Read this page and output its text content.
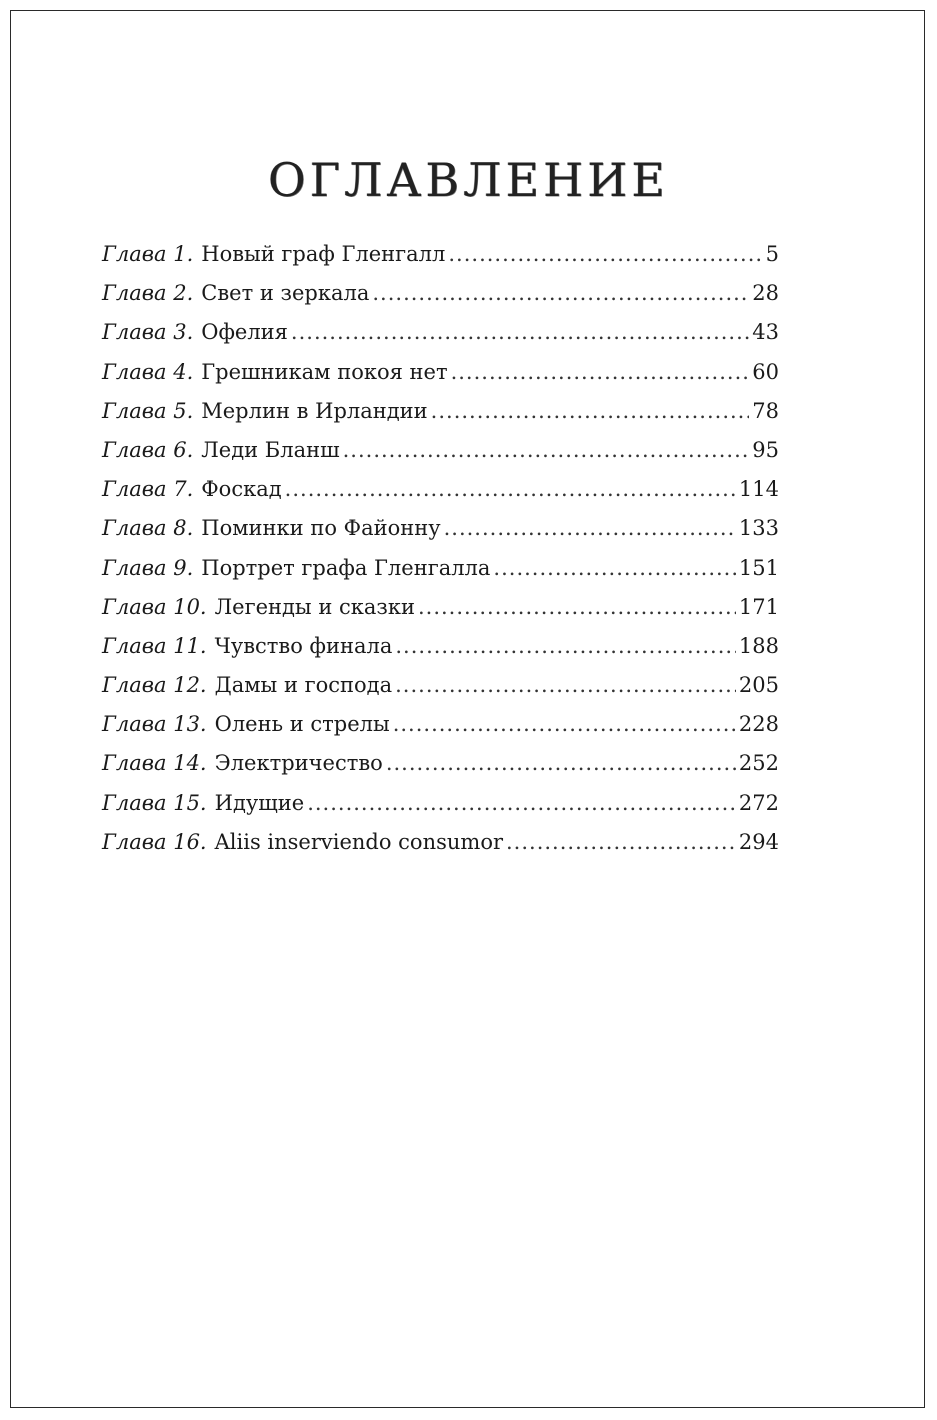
ОГЛАВЛЕНИЕ
Глава 1. Новый граф Гленгалл .....	5
Глава 2. Свет и зеркала .....	28
Глава 3. Офелия .....	43
Глава 4. Грешникам покоя нет .....	60
Глава 5. Мерлин в Ирландии .....	78
Глава 6. Леди Бланш .....	95
Глава 7. Фоскад .....	114
Глава 8. Поминки по Файонну .....	133
Глава 9. Портрет графа Гленгалла .....	151
Глава 10. Легенды и сказки .....	171
Глава 11. Чувство финала .....	188
Глава 12. Дамы и господа .....	205
Глава 13. Олень и стрелы .....	228
Глава 14. Электричество .....	252
Глава 15. Идущие .....	272
Глава 16. Aliis inserviendo consumor .....	294
